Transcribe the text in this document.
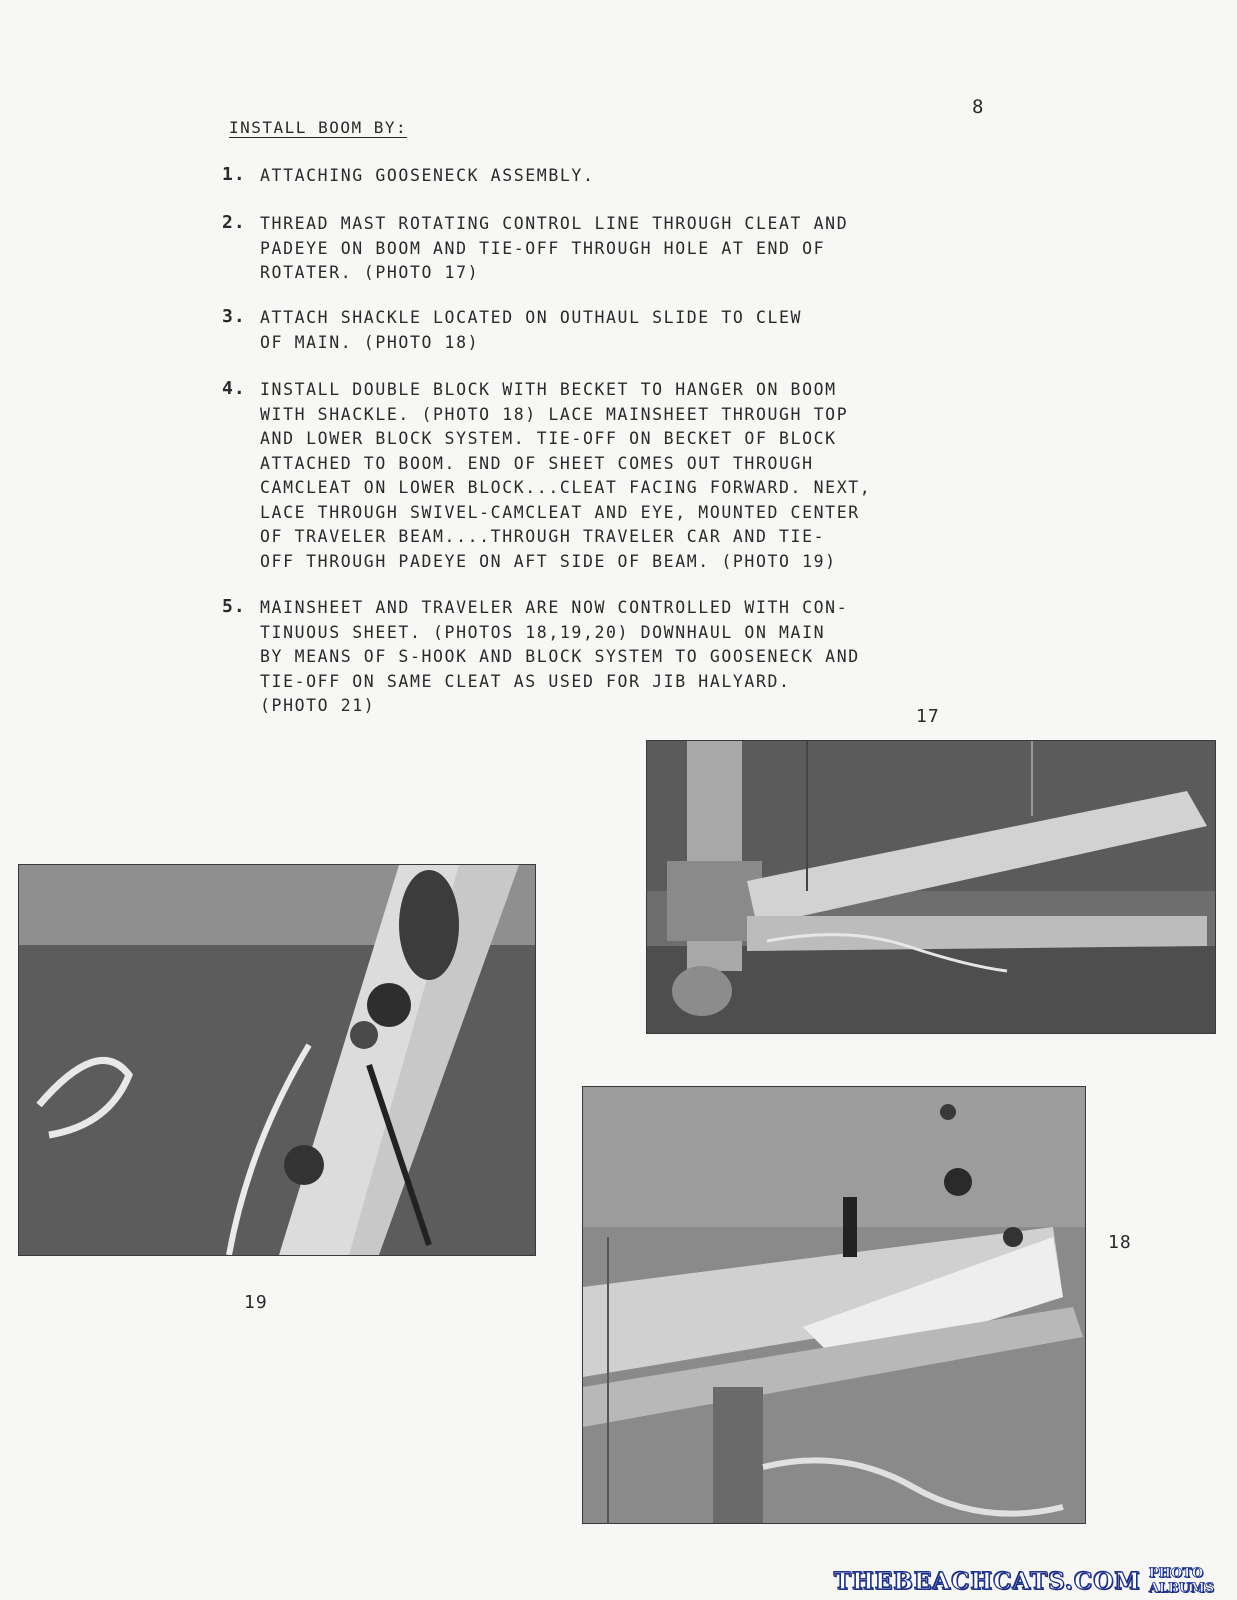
8
INSTALL BOOM BY:
1. ATTACHING GOOSENECK ASSEMBLY.
2. THREAD MAST ROTATING CONTROL LINE THROUGH CLEAT AND
PADEYE ON BOOM AND TIE-OFF THROUGH HOLE AT END OF
ROTATER. (PHOTO 17)
3. ATTACH SHACKLE LOCATED ON OUTHAUL SLIDE TO CLEW
OF MAIN. (PHOTO 18)
4. INSTALL DOUBLE BLOCK WITH BECKET TO HANGER ON BOOM
WITH SHACKLE. (PHOTO 18) LACE MAINSHEET THROUGH TOP
AND LOWER BLOCK SYSTEM. TIE-OFF ON BECKET OF BLOCK
ATTACHED TO BOOM. END OF SHEET COMES OUT THROUGH
CAMCLEAT ON LOWER BLOCK...CLEAT FACING FORWARD. NEXT,
LACE THROUGH SWIVEL-CAMCLEAT AND EYE, MOUNTED CENTER
OF TRAVELER BEAM....THROUGH TRAVELER CAR AND TIE-
OFF THROUGH PADEYE ON AFT SIDE OF BEAM. (PHOTO 19)
5. MAINSHEET AND TRAVELER ARE NOW CONTROLLED WITH CON-
TINUOUS SHEET. (PHOTOS 18,19,20) DOWNHAUL ON MAIN
BY MEANS OF S-HOOK AND BLOCK SYSTEM TO GOOSENECK AND
TIE-OFF ON SAME CLEAT AS USED FOR JIB HALYARD.
(PHOTO 21)
17
19
18
THEBEACHCATS.COM PHOTO ALBUMS
